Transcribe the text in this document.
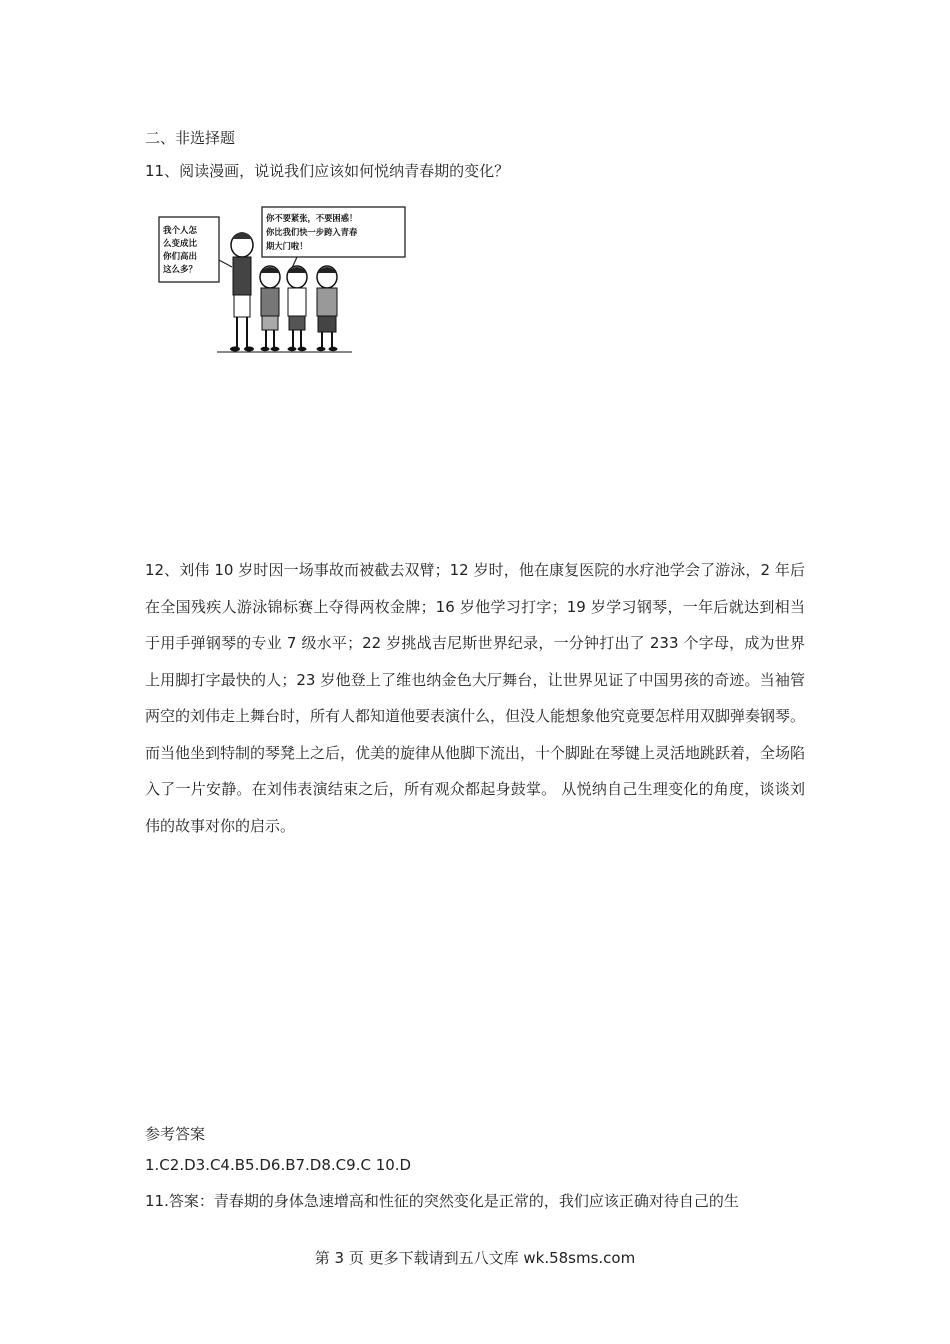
二、非选择题
11、阅读漫画，说说我们应该如何悦纳青春期的变化？
我个人怎
么变成比
你们高出
这么多？
你不要紧张，不要困惑！
你比我们快一步跨入青春
期大门啦！
12、刘伟 10 岁时因一场事故而被截去双臂；12 岁时，他在康复医院的水疗池学会了游泳，2 年后在全国残疾人游泳锦标赛上夺得两枚金牌；16 岁他学习打字；19 岁学习钢琴，一年后就达到相当于用手弹钢琴的专业 7 级水平；22 岁挑战吉尼斯世界纪录，一分钟打出了 233 个字母，成为世界上用脚打字最快的人；23 岁他登上了维也纳金色大厅舞台，让世界见证了中国男孩的奇迹。当袖管两空的刘伟走上舞台时，所有人都知道他要表演什么，但没人能想象他究竟要怎样用双脚弹奏钢琴。而当他坐到特制的琴凳上之后，优美的旋律从他脚下流出，十个脚趾在琴键上灵活地跳跃着，全场陷入了一片安静。在刘伟表演结束之后，所有观众都起身鼓掌。 从悦纳自己生理变化的角度，谈谈刘伟的故事对你的启示。
参考答案
1.C2.D3.C4.B5.D6.B7.D8.C9.C 10.D
11.答案：青春期的身体急速增高和性征的突然变化是正常的，我们应该正确对待自己的生
第 3 页 更多下载请到五八文库 wk.58sms.com
